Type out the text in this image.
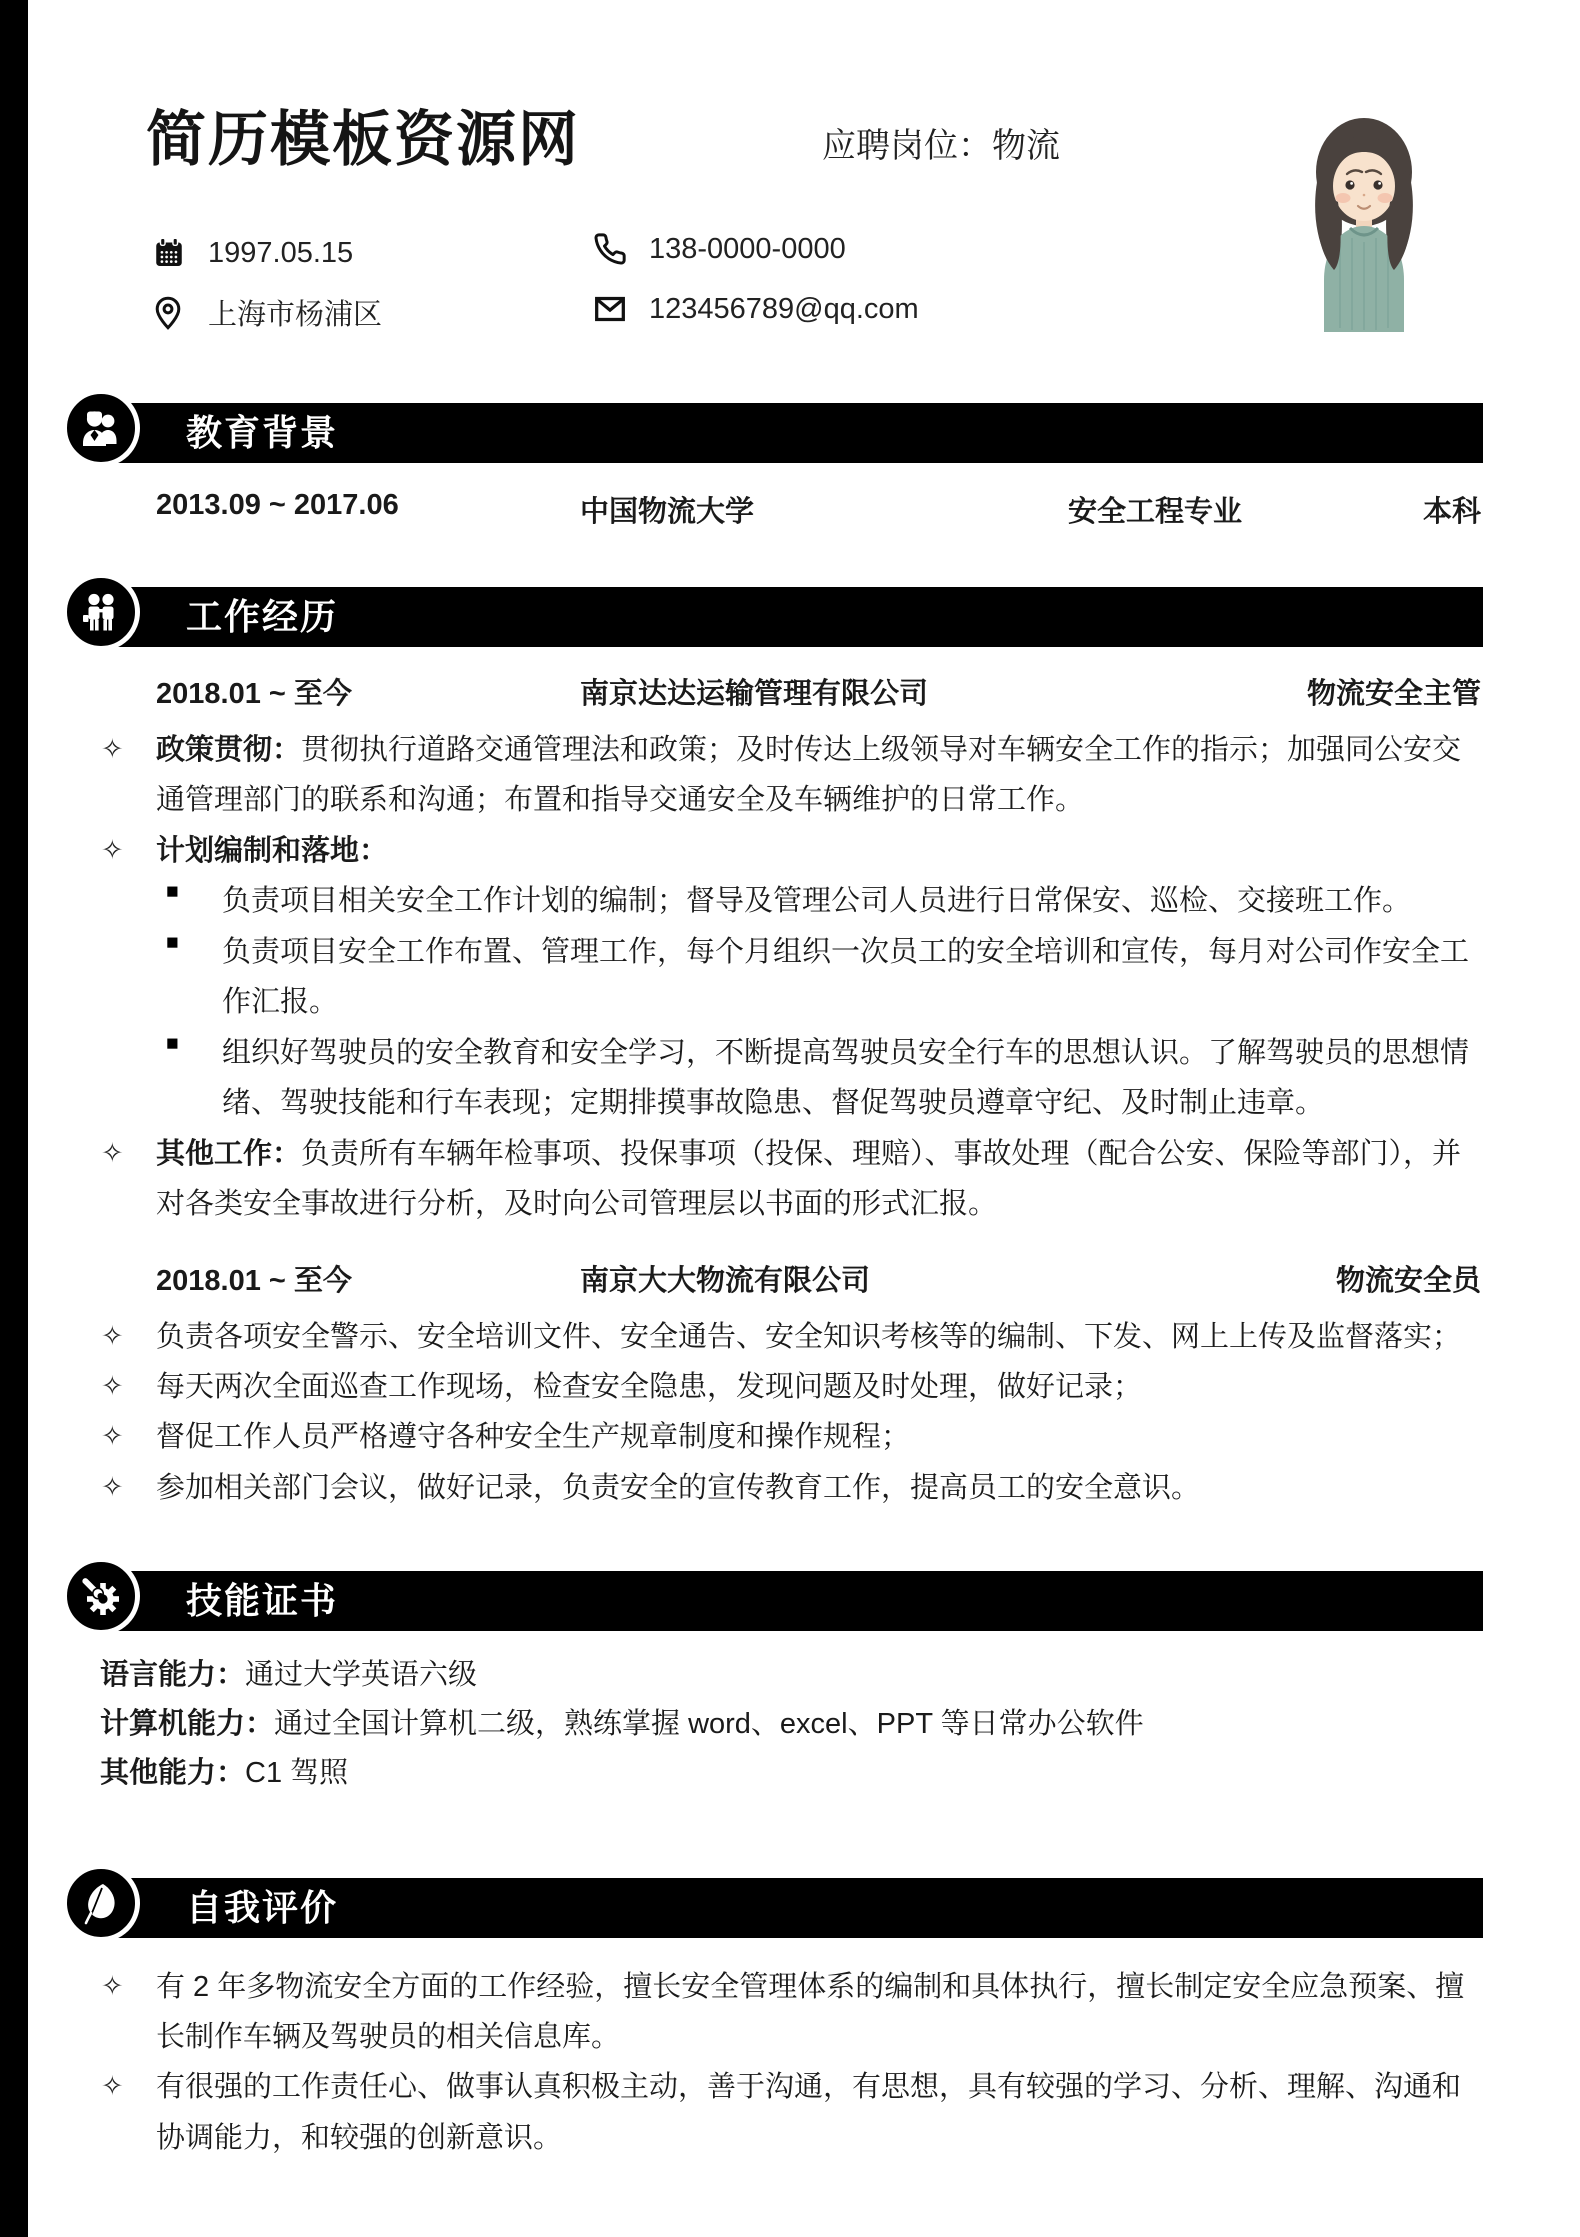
简历模板资源网	应聘岗位：物流
1997.05.15	138-0000-0000
上海市杨浦区	123456789@qq.com
教育背景
2013.09 ~ 2017.06	中国物流大学	安全工程专业	本科
工作经历
2018.01 ~ 至今	南京达达运输管理有限公司	物流安全主管
✧ 政策贯彻：贯彻执行道路交通管理法和政策；及时传达上级领导对车辆安全工作的指示；加强同公安交通管理部门的联系和沟通；布置和指导交通安全及车辆维护的日常工作。
✧ 计划编制和落地：
■ 负责项目相关安全工作计划的编制；督导及管理公司人员进行日常保安、巡检、交接班工作。
■ 负责项目安全工作布置、管理工作，每个月组织一次员工的安全培训和宣传，每月对公司作安全工作汇报。
■ 组织好驾驶员的安全教育和安全学习，不断提高驾驶员安全行车的思想认识。了解驾驶员的思想情绪、驾驶技能和行车表现；定期排摸事故隐患、督促驾驶员遵章守纪、及时制止违章。
✧ 其他工作：负责所有车辆年检事项、投保事项（投保、理赔）、事故处理（配合公安、保险等部门），并对各类安全事故进行分析，及时向公司管理层以书面的形式汇报。
2018.01 ~ 至今	南京大大物流有限公司	物流安全员
✧ 负责各项安全警示、安全培训文件、安全通告、安全知识考核等的编制、下发、网上上传及监督落实；
✧ 每天两次全面巡查工作现场，检查安全隐患，发现问题及时处理，做好记录；
✧ 督促工作人员严格遵守各种安全生产规章制度和操作规程；
✧ 参加相关部门会议，做好记录，负责安全的宣传教育工作，提高员工的安全意识。
技能证书

语言能力：通过大学英语六级

计算机能力：通过全国计算机二级，熟练掌握 word、excel、PPT 等日常办公软件

其他能力：C1 驾照

自我评价
✧ 有 2 年多物流安全方面的工作经验，擅长安全管理体系的编制和具体执行，擅长制定安全应急预案、擅长制作车辆及驾驶员的相关信息库。
✧ 有很强的工作责任心、做事认真积极主动，善于沟通，有思想，具有较强的学习、分析、理解、沟通和协调能力，和较强的创新意识。
